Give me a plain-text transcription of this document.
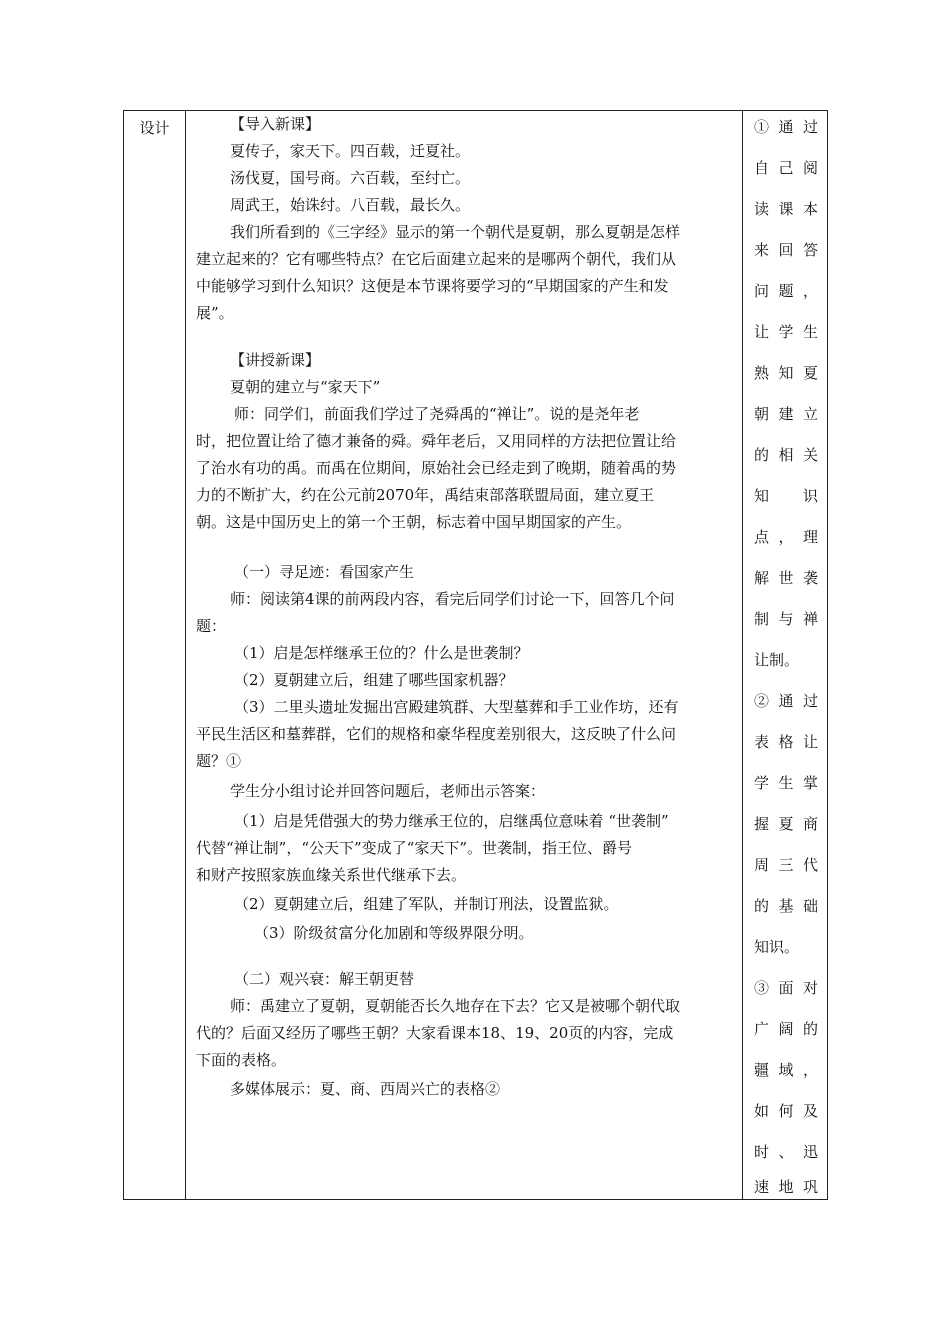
设计	【导入新课】

夏传子，家天下。四百载，迁夏社。

汤伐夏，国号商。六百载，至纣亡。

周武王，始诛纣。八百载，最长久。

我们所看到的《三字经》显示的第一个朝代是夏朝，那么夏朝是怎样

建立起来的？它有哪些特点？在它后面建立起来的是哪两个朝代，我们从

中能够学习到什么知识？这便是本节课将要学习的“早期国家的产生和发

展”。

【讲授新课】

夏朝的建立与“家天下”

师：同学们，前面我们学过了尧舜禹的“禅让”。说的是尧年老

时，把位置让给了德才兼备的舜。舜年老后，又用同样的方法把位置让给

了治水有功的禹。而禹在位期间，原始社会已经走到了晚期，随着禹的势

力的不断扩大，约在公元前2070年，禹结束部落联盟局面，建立夏王

朝。这是中国历史上的第一个王朝，标志着中国早期国家的产生。

（一）寻足迹：看国家产生

师：阅读第4课的前两段内容，看完后同学们讨论一下，回答几个问

题：

（1）启是怎样继承王位的？什么是世袭制？

（2）夏朝建立后，组建了哪些国家机器？

（3）二里头遗址发掘出宫殿建筑群、大型墓葬和手工业作坊，还有

平民生活区和墓葬群，它们的规格和豪华程度差别很大，这反映了什么问

题？①

学生分小组讨论并回答问题后，老师出示答案：

（1）启是凭借强大的势力继承王位的，启继禹位意味着 “世袭制”

代替“禅让制”，“公天下”变成了“家天下”。世袭制，指王位、爵号

和财产按照家族血缘关系世代继承下去。

（2）夏朝建立后，组建了军队，并制订刑法，设置监狱。

（3）阶级贫富分化加剧和等级界限分明。

（二）观兴衰：解王朝更替

师：禹建立了夏朝，夏朝能否长久地存在下去？它又是被哪个朝代取

代的？后面又经历了哪些王朝？大家看课本18、19、20页的内容，完成

下面的表格。

多媒体展示：夏、商、西周兴亡的表格②

① 通 过
自 己 阅
读 课 本
来 回 答
问 题 ，
让 学 生
熟 知 夏
朝 建 立
的 相 关
知 识
点 ， 理
解 世 袭
制 与 禅
让制。
② 通 过
表 格 让
学 生 掌
握 夏 商
周 三 代
的 基 础
知识。
③ 面 对
广 阔 的
疆 域 ，
如 何 及
时 、 迅
速 地 巩
